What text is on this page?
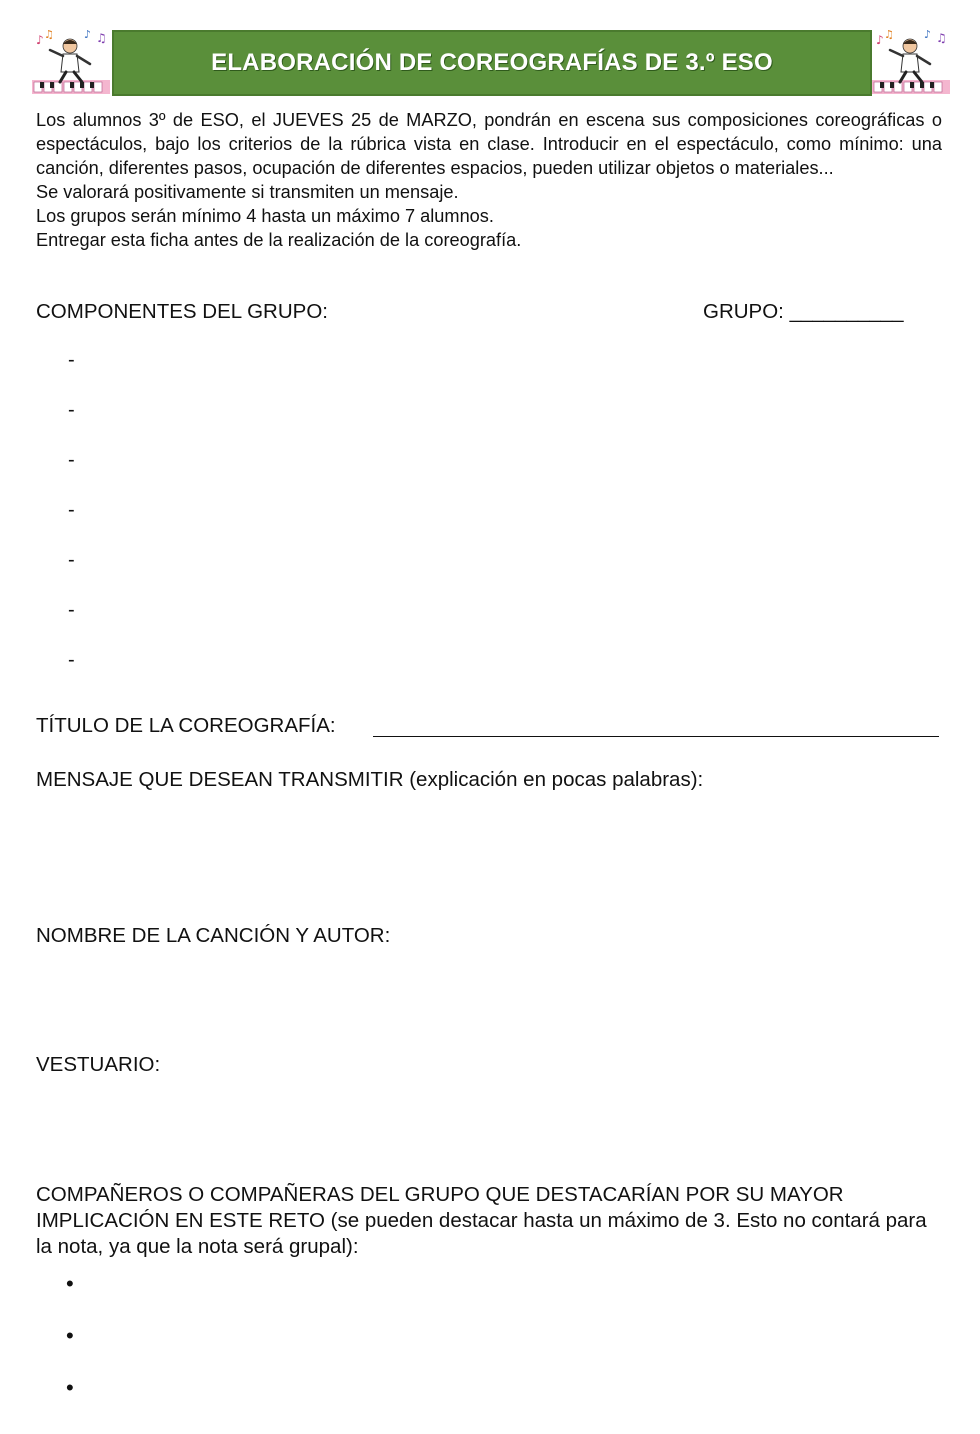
♪ ♫	♪ ♫
ELABORACIÓN DE COREOGRAFÍAS DE 3.º ESO
♪ ♫	♪ ♫

Los alumnos 3º de ESO, el JUEVES 25 de MARZO, pondrán en escena sus composiciones coreográficas o espectáculos, bajo los criterios de la rúbrica vista en clase. Introducir en el espectáculo, como mínimo: una canción, diferentes pasos, ocupación de diferentes espacios, pueden utilizar objetos o materiales...

Se valorará positivamente si transmiten un mensaje.

Los grupos serán mínimo 4 hasta un máximo 7 alumnos.

Entregar esta ficha antes de la realización de la coreografía.

COMPONENTES DEL GRUPO:	GRUPO: __________
-
-
-
-
-
-
-
TÍTULO DE LA COREOGRAFÍA:
MENSAJE QUE DESEAN TRANSMITIR (explicación en pocas palabras):
NOMBRE DE LA CANCIÓN Y AUTOR:
VESTUARIO:
COMPAÑEROS O COMPAÑERAS DEL GRUPO QUE DESTACARÍAN POR SU MAYOR IMPLICACIÓN EN ESTE RETO (se pueden destacar hasta un máximo de 3. Esto no contará para la nota, ya que la nota será grupal):
•
•
•
